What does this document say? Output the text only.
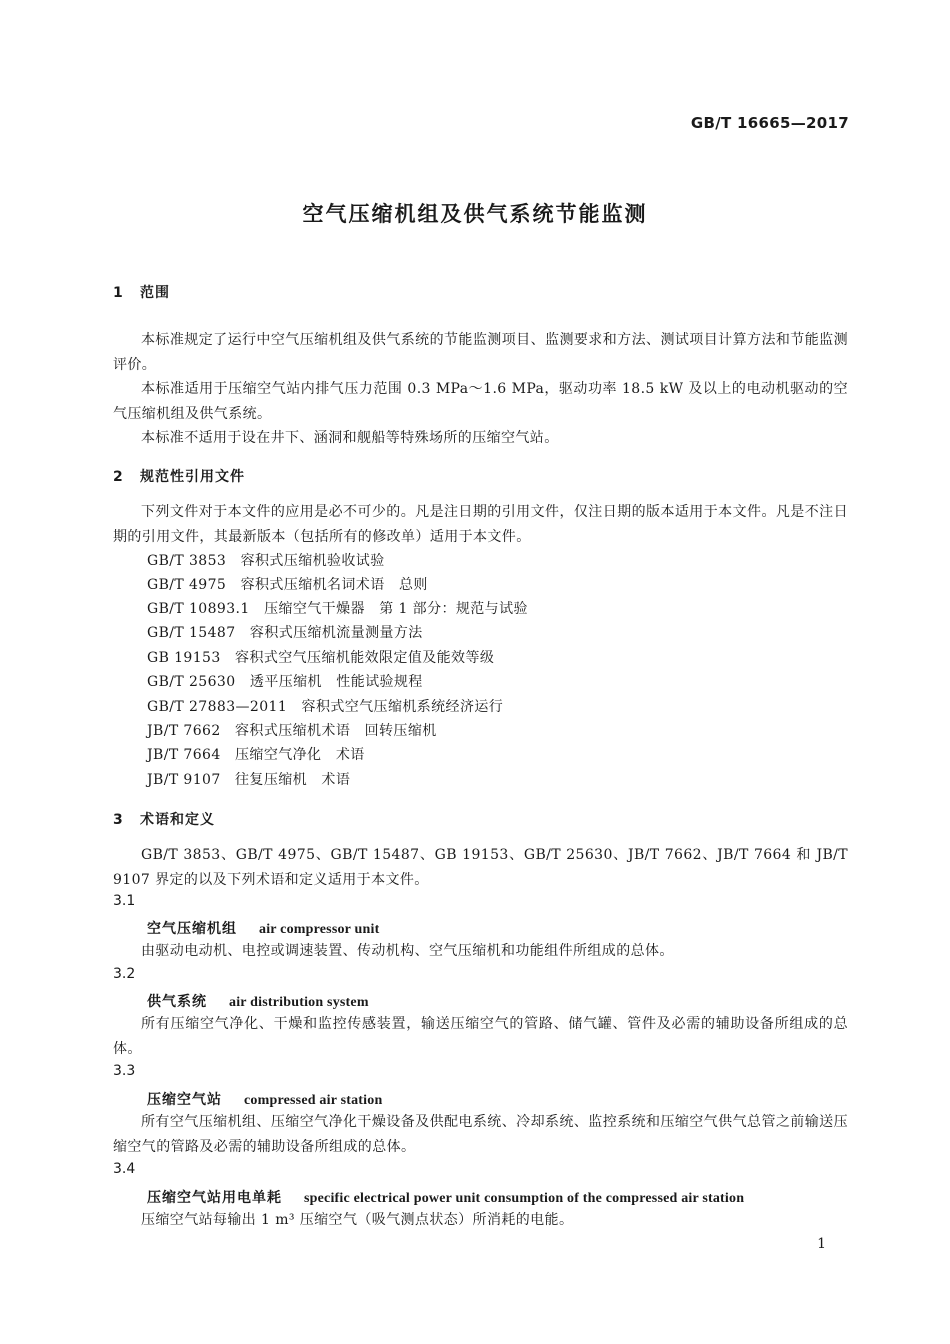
GB/T 16665—2017
空气压缩机组及供气系统节能监测
1 范围
本标准规定了运行中空气压缩机组及供气系统的节能监测项目、监测要求和方法、测试项目计算方法和节能监测评价。
本标准适用于压缩空气站内排气压力范围 0.3 MPa～1.6 MPa，驱动功率 18.5 kW 及以上的电动机驱动的空气压缩机组及供气系统。
本标准不适用于设在井下、涵洞和舰船等特殊场所的压缩空气站。
2 规范性引用文件
下列文件对于本文件的应用是必不可少的。凡是注日期的引用文件，仅注日期的版本适用于本文件。凡是不注日期的引用文件，其最新版本（包括所有的修改单）适用于本文件。
GB/T 3853　容积式压缩机验收试验
GB/T 4975　容积式压缩机名词术语　总则
GB/T 10893.1　压缩空气干燥器　第 1 部分：规范与试验
GB/T 15487　容积式压缩机流量测量方法
GB 19153　容积式空气压缩机能效限定值及能效等级
GB/T 25630　透平压缩机　性能试验规程
GB/T 27883—2011　容积式空气压缩机系统经济运行
JB/T 7662　容积式压缩机术语　回转压缩机
JB/T 7664　压缩空气净化　术语
JB/T 9107　往复压缩机　术语
3 术语和定义
GB/T 3853、GB/T 4975、GB/T 15487、GB 19153、GB/T 25630、JB/T 7662、JB/T 7664 和 JB/T 9107 界定的以及下列术语和定义适用于本文件。
3.1
空气压缩机组 air compressor unit
由驱动电动机、电控或调速装置、传动机构、空气压缩机和功能组件所组成的总体。
3.2
供气系统 air distribution system
所有压缩空气净化、干燥和监控传感装置，输送压缩空气的管路、储气罐、管件及必需的辅助设备所组成的总体。
3.3
压缩空气站 compressed air station
所有空气压缩机组、压缩空气净化干燥设备及供配电系统、冷却系统、监控系统和压缩空气供气总管之前输送压缩空气的管路及必需的辅助设备所组成的总体。
3.4
压缩空气站用电单耗 specific electrical power unit consumption of the compressed air station
压缩空气站每输出 1 m³ 压缩空气（吸气测点状态）所消耗的电能。
1
